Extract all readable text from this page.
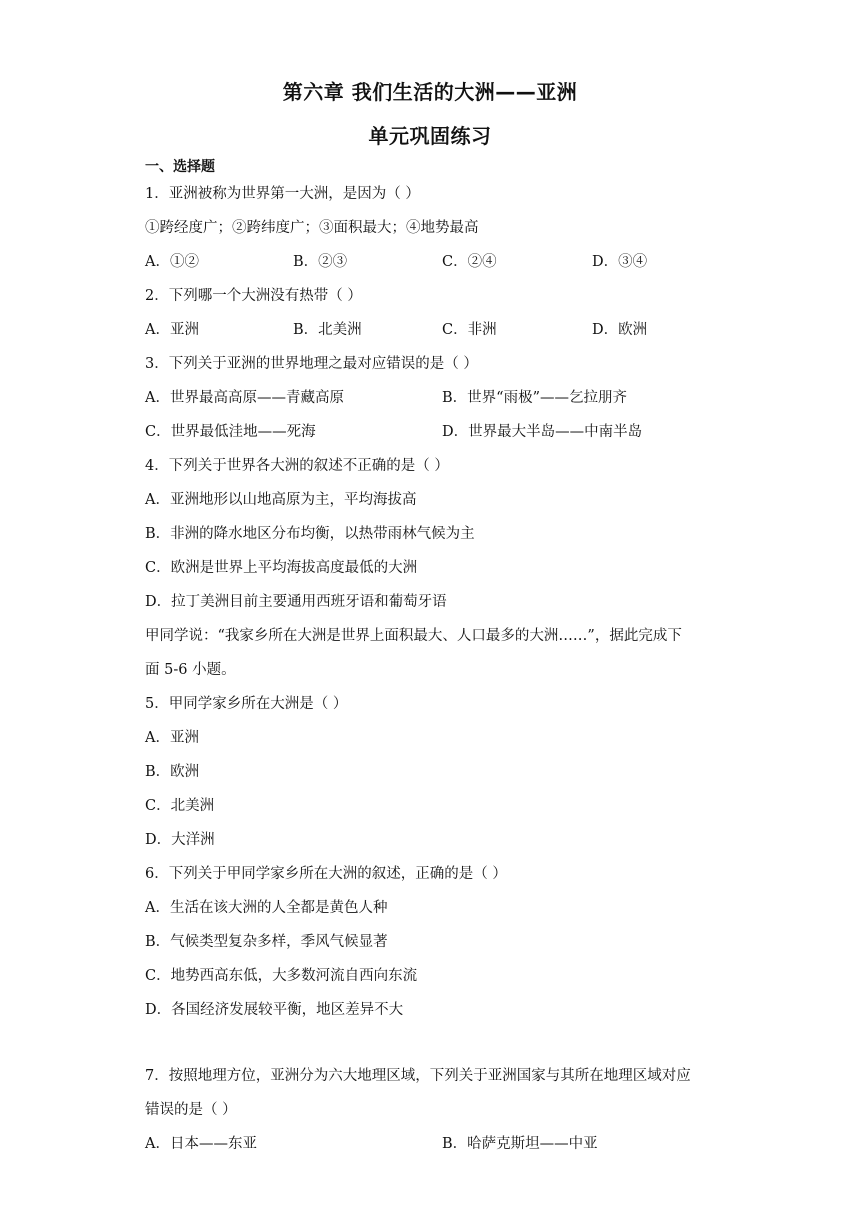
第六章 我们生活的大洲——亚洲
单元巩固练习
一、选择题
1．亚洲被称为世界第一大洲，是因为（ ）
①跨经度广；②跨纬度广；③面积最大；④地势最高
A．①②	B．②③	C．②④	D．③④
2．下列哪一个大洲没有热带（ ）
A．亚洲	B．北美洲	C．非洲	D．欧洲
3．下列关于亚洲的世界地理之最对应错误的是（ ）
A．世界最高高原——青藏高原	B．世界“雨极”——乞拉朋齐
C．世界最低洼地——死海	D．世界最大半岛——中南半岛
4．下列关于世界各大洲的叙述不正确的是（ ）
A．亚洲地形以山地高原为主，平均海拔高
B．非洲的降水地区分布均衡，以热带雨林气候为主
C．欧洲是世界上平均海拔高度最低的大洲
D．拉丁美洲目前主要通用西班牙语和葡萄牙语
甲同学说：“我家乡所在大洲是世界上面积最大、人口最多的大洲……”，据此完成下
面 5-6 小题。
5．甲同学家乡所在大洲是（ ）
A．亚洲
B．欧洲
C．北美洲
D．大洋洲
6．下列关于甲同学家乡所在大洲的叙述，正确的是（ ）
A．生活在该大洲的人全都是黄色人种
B．气候类型复杂多样，季风气候显著
C．地势西高东低，大多数河流自西向东流
D．各国经济发展较平衡，地区差异不大
7．按照地理方位，亚洲分为六大地理区域，下列关于亚洲国家与其所在地理区域对应
错误的是（ ）
A．日本——东亚	B．哈萨克斯坦——中亚
